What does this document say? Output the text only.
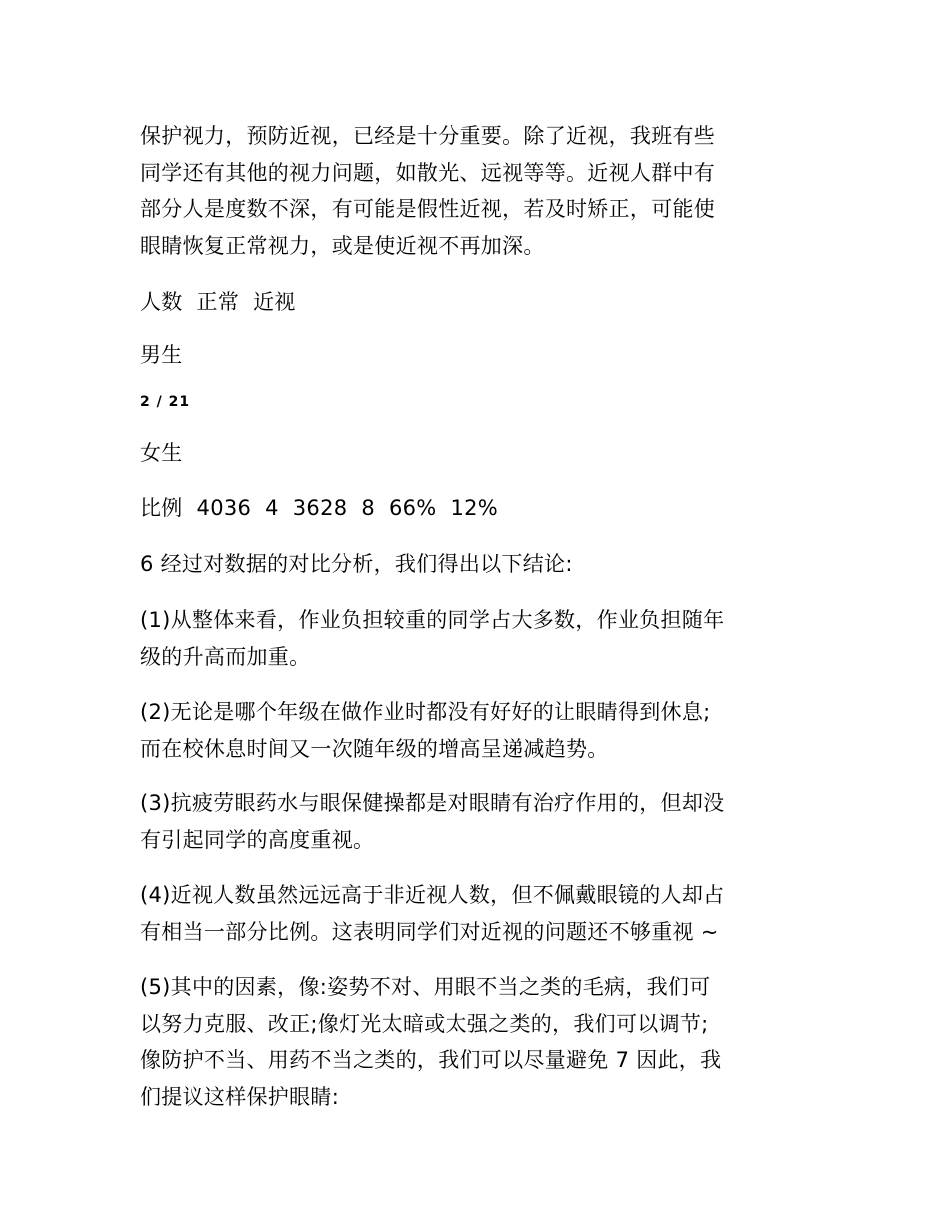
保护视力，预防近视，已经是十分重要。除了近视，我班有些
同学还有其他的视力问题，如散光、远视等等。近视人群中有
部分人是度数不深，有可能是假性近视，若及时矫正，可能使
眼睛恢复正常视力，或是使近视不再加深。

人数  正常  近视

男生

2 / 21

女生

比例  4036  4  3628  8  66%  12%

6 经过对数据的对比分析，我们得出以下结论:

(1)从整体来看，作业负担较重的同学占大多数，作业负担随年
级的升高而加重。

(2)无论是哪个年级在做作业时都没有好好的让眼睛得到休息;
而在校休息时间又一次随年级的增高呈递减趋势。

(3)抗疲劳眼药水与眼保健操都是对眼睛有治疗作用的，但却没
有引起同学的高度重视。

(4)近视人数虽然远远高于非近视人数，但不佩戴眼镜的人却占
有相当一部分比例。这表明同学们对近视的问题还不够重视 ~

(5)其中的因素，像:姿势不对、用眼不当之类的毛病，我们可
以努力克服、改正;像灯光太暗或太强之类的，我们可以调节;
像防护不当、用药不当之类的，我们可以尽量避免 7 因此，我
们提议这样保护眼睛:
